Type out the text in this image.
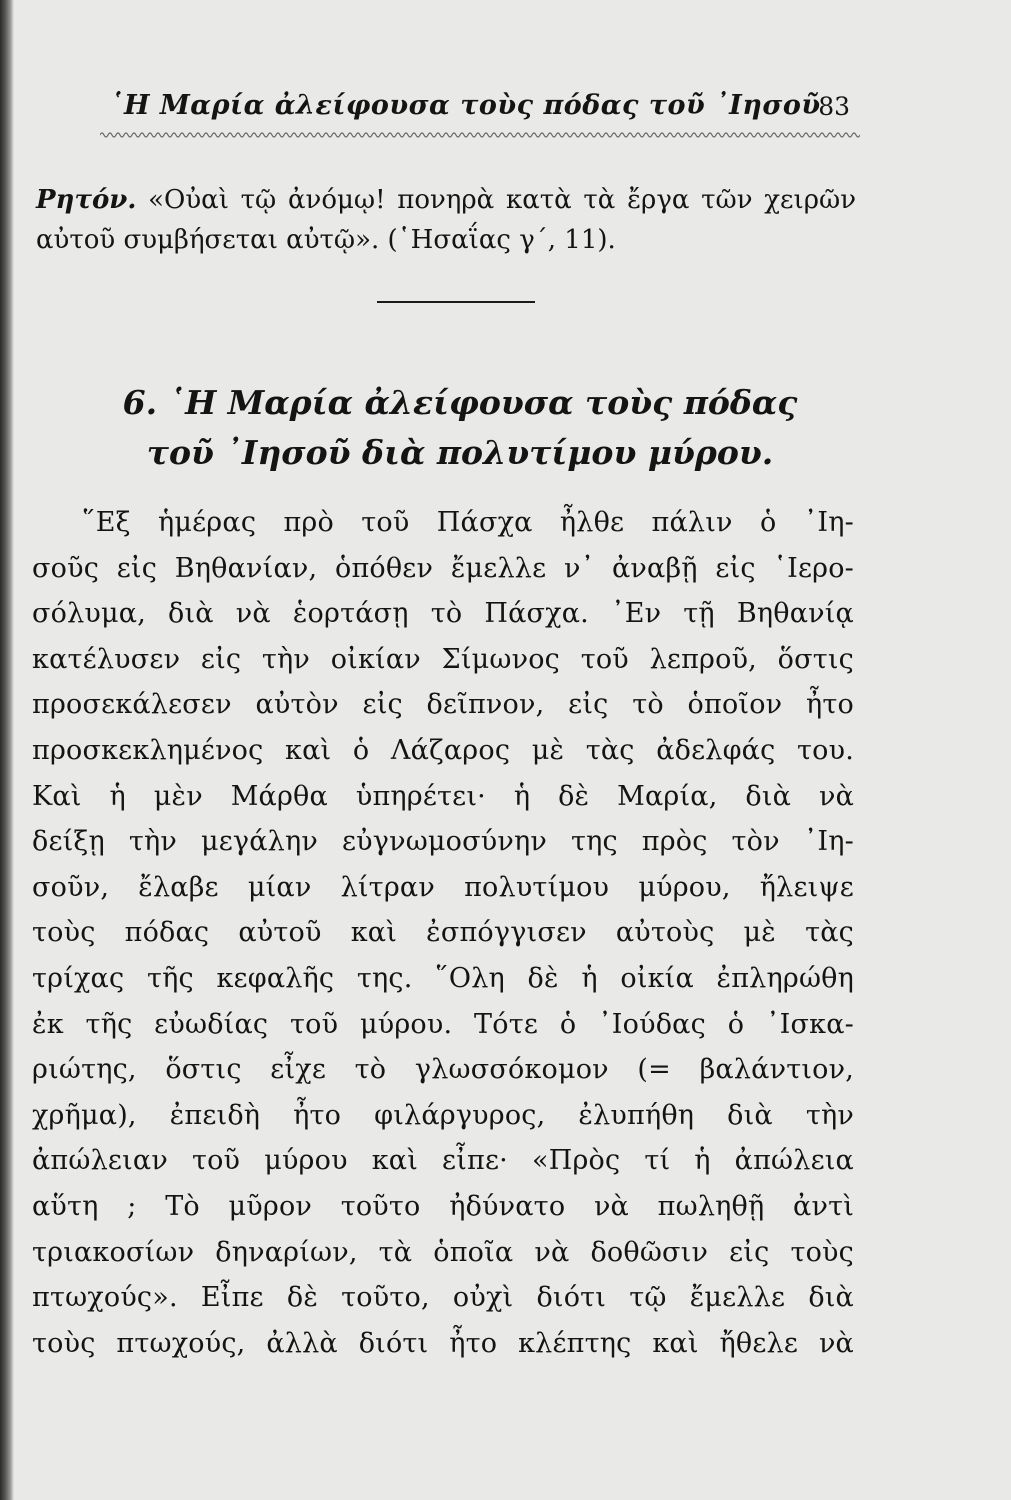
῾Η Μαρία ἀλείφουσα τοὺς πόδας τοῦ ᾿Ιησοῦ
83
Ρητόν. «Οὐαὶ τῷ ἀνόμῳ! πονηρὰ κατὰ τὰ ἔργα τῶν χειρῶν αὐτοῦ συμβήσεται αὐτῷ». (῾Ησαΐας γ΄, 11).
6. ῾Η Μαρία ἀλείφουσα τοὺς πόδας
τοῦ ᾿Ιησοῦ διὰ πολυτίμου μύρου.
῞Εξ ἡμέρας πρὸ τοῦ Πάσχα ἦλθε πάλιν ὁ ᾿Ιη-
σοῦς εἰς Βηθανίαν, ὁπόθεν ἔμελλε ν᾽ ἀναβῇ εἰς ῾Ιερο-
σόλυμα, διὰ νὰ ἑορτάσῃ τὸ Πάσχα. ᾿Εν τῇ Βηθανίᾳ
κατέλυσεν εἰς τὴν οἰκίαν Σίμωνος τοῦ λεπροῦ, ὅστις
προσεκάλεσεν αὐτὸν εἰς δεῖπνον, εἰς τὸ ὁποῖον ἦτο
προσκεκλημένος καὶ ὁ Λάζαρος μὲ τὰς ἀδελφάς του.
Καὶ ἡ μὲν Μάρθα ὑπηρέτει· ἡ δὲ Μαρία, διὰ νὰ
δείξῃ τὴν μεγάλην εὐγνωμοσύνην της πρὸς τὸν ᾿Ιη-
σοῦν, ἔλαβε μίαν λίτραν πολυτίμου μύρου, ἤλειψε
τοὺς πόδας αὐτοῦ καὶ ἐσπόγγισεν αὐτοὺς μὲ τὰς
τρίχας τῆς κεφαλῆς της. ῞Ολη δὲ ἡ οἰκία ἐπληρώθη
ἐκ τῆς εὐωδίας τοῦ μύρου. Τότε ὁ ᾿Ιούδας ὁ ᾿Ισκα-
ριώτης, ὅστις εἶχε τὸ γλωσσόκομον (= βαλάντιον,
χρῆμα), ἐπειδὴ ἦτο φιλάργυρος, ἐλυπήθη διὰ τὴν
ἀπώλειαν τοῦ μύρου καὶ εἶπε· «Πρὸς τί ἡ ἀπώλεια
αὕτη ; Τὸ μῦρον τοῦτο ἠδύνατο νὰ πωληθῇ ἀντὶ
τριακοσίων δηναρίων, τὰ ὁποῖα νὰ δοθῶσιν εἰς τοὺς
πτωχούς». Εἶπε δὲ τοῦτο, οὐχὶ διότι τῷ ἔμελλε διὰ
τοὺς πτωχούς, ἀλλὰ διότι ἦτο κλέπτης καὶ ἤθελε νὰ
